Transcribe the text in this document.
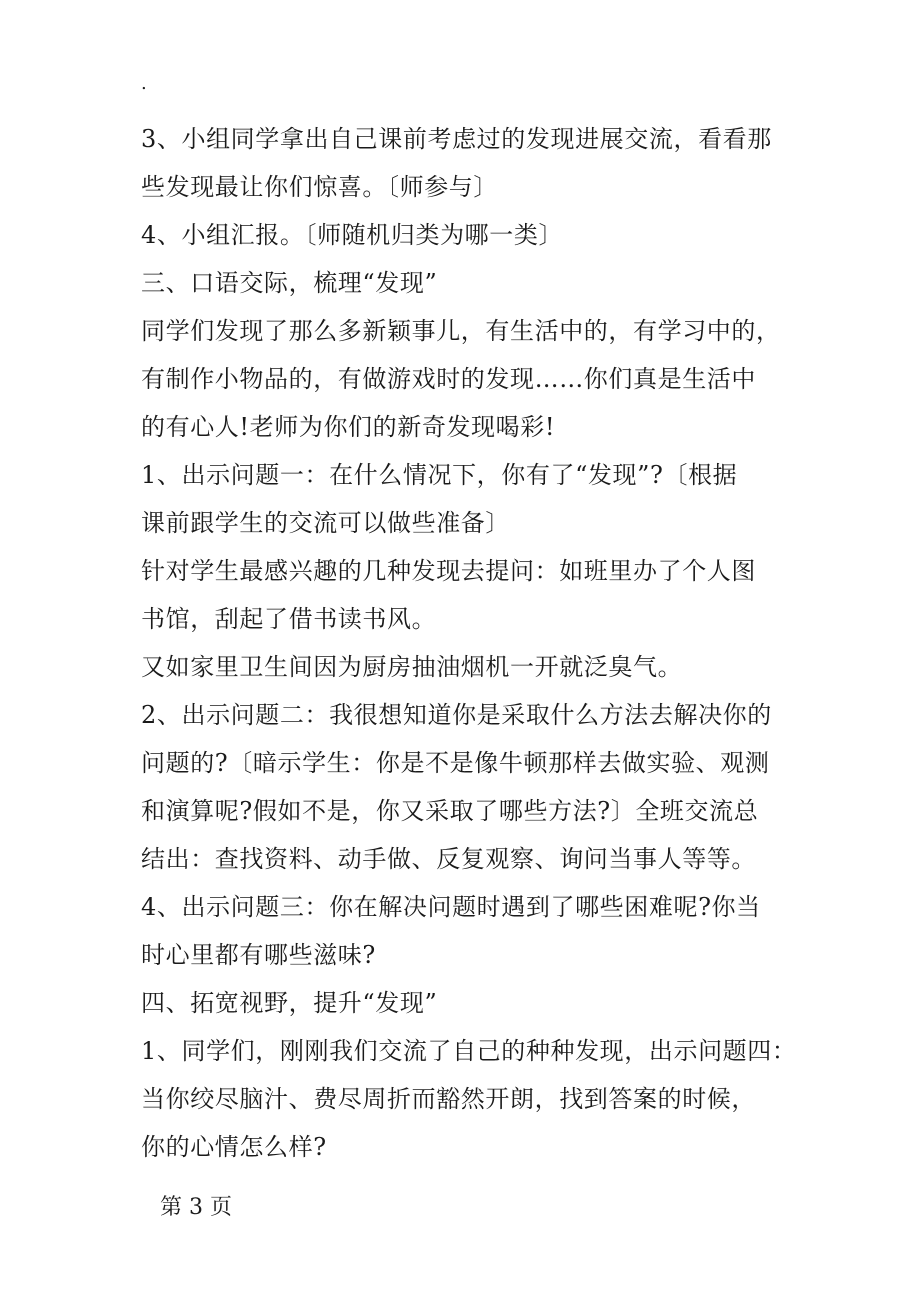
.
3、小组同学拿出自己课前考虑过的发现进展交流，看看那
些发现最让你们惊喜。〔师参与〕
4、小组汇报。〔师随机归类为哪一类〕
三、口语交际，梳理“发现”
同学们发现了那么多新颖事儿，有生活中的，有学习中的，
有制作小物品的，有做游戏时的发现……你们真是生活中
的有心人!老师为你们的新奇发现喝彩!
1、出示问题一：在什么情况下，你有了“发现”?〔根据
课前跟学生的交流可以做些准备〕
针对学生最感兴趣的几种发现去提问：如班里办了个人图
书馆，刮起了借书读书风。
又如家里卫生间因为厨房抽油烟机一开就泛臭气。
2、出示问题二：我很想知道你是采取什么方法去解决你的
问题的?〔暗示学生：你是不是像牛顿那样去做实验、观测
和演算呢?假如不是，你又采取了哪些方法?〕全班交流总
结出：查找资料、动手做、反复观察、询问当事人等等。
4、出示问题三：你在解决问题时遇到了哪些困难呢?你当
时心里都有哪些滋味?
四、拓宽视野，提升“发现”
1、同学们，刚刚我们交流了自己的种种发现，出示问题四：
当你绞尽脑汁、费尽周折而豁然开朗，找到答案的时候，
你的心情怎么样?
第 3 页
